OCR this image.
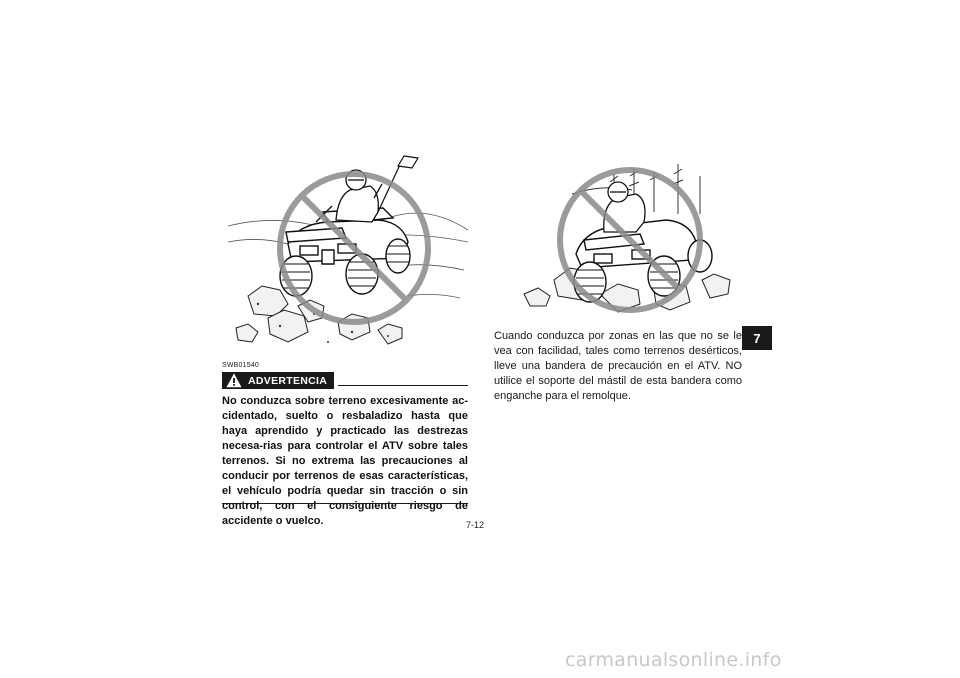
SWB01540
ADVERTENCIA

No conduzca sobre terreno excesivamente ac-cidentado, suelto o resbaladizo hasta que haya aprendido y practicado las destrezas necesa-rias para controlar el ATV sobre tales terrenos. Si no extrema las precauciones al conducir por terrenos de esas características, el vehículo podría quedar sin tracción o sin control, con el consiguiente riesgo de accidente o vuelco.

Cuando conduzca por zonas en las que no se le vea con facilidad, tales como terrenos desérticos, lleve una bandera de precaución en el ATV. NO utilice el soporte del mástil de esta bandera como enganche para el remolque.

7
7-12
carmanualsonline.info
